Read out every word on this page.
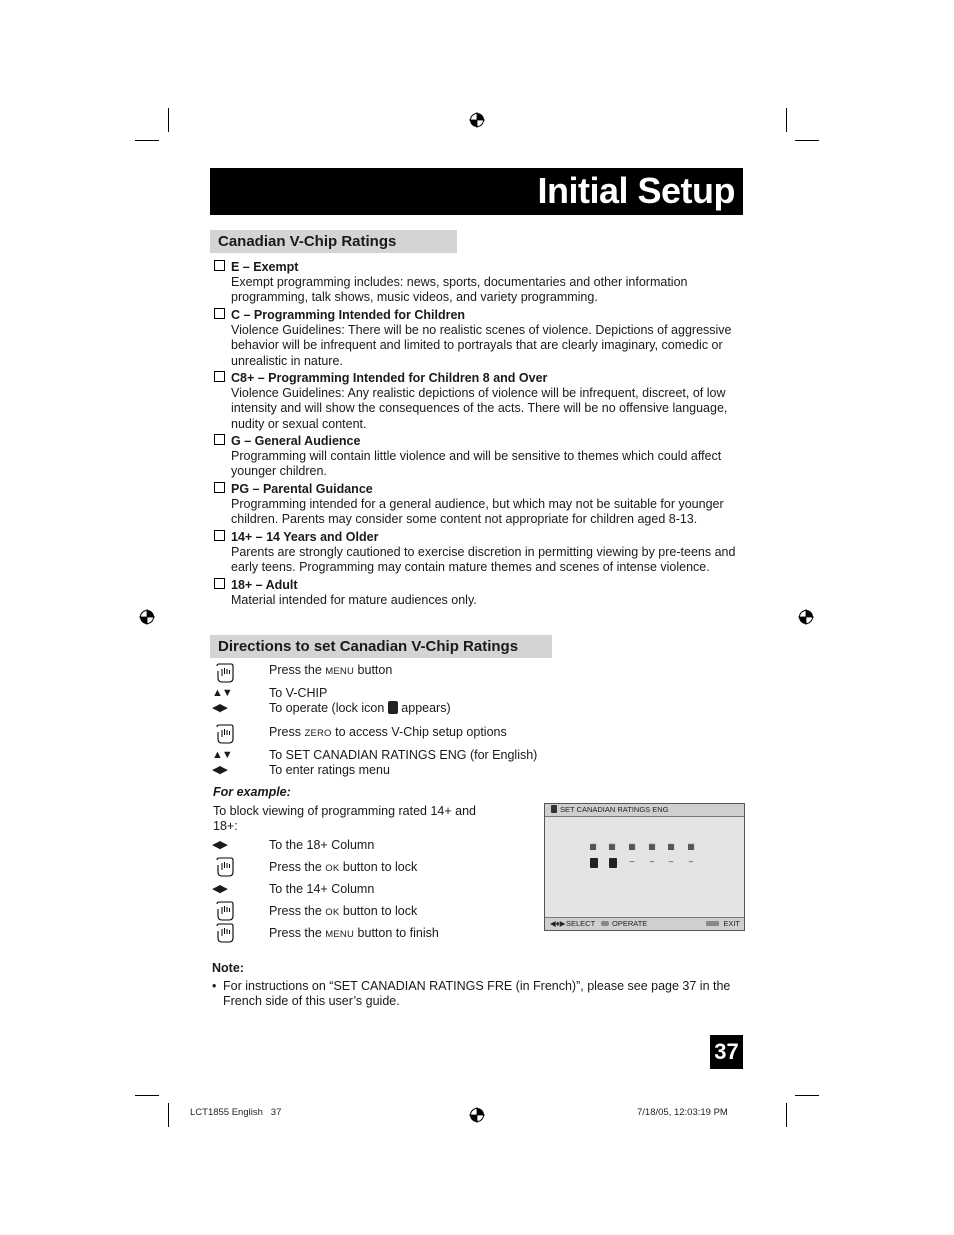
Initial Setup
Canadian V-Chip Ratings
E – Exempt
Exempt programming includes: news, sports, documentaries and other information programming, talk shows, music videos, and variety programming.
C – Programming Intended for Children
Violence Guidelines: There will be no realistic scenes of violence. Depictions of aggressive behavior will be infrequent and limited to portrayals that are clearly imaginary, comedic or unrealistic in nature.
C8+ – Programming Intended for Children 8 and Over
Violence Guidelines: Any realistic depictions of violence will be infrequent, discreet, of low intensity and will show the consequences of the acts. There will be no offensive language, nudity or sexual content.
G – General Audience
Programming will contain little violence and will be sensitive to themes which could affect younger children.
PG – Parental Guidance
Programming intended for a general audience, but which may not be suitable for younger children. Parents may consider some content not appropriate for children aged 8-13.
14+ – 14 Years and Older
Parents are strongly cautioned to exercise discretion in permitting viewing by pre-teens and early teens. Programming may contain mature themes and scenes of intense violence.
18+ – Adult
Material intended for mature audiences only.
Directions to set Canadian V-Chip Ratings
Press the MENU button
▲▼	To V-CHIP
◀▶	To operate (lock icon  appears)
Press ZERO to access V-Chip setup options
▲▼	To SET CANADIAN RATINGS ENG (for English)
◀▶	To enter ratings menu
For example:
To block viewing of programming rated 14+ and 18+:
◀▶	To the 18+ Column
Press the OK button to lock
◀▶	To the 14+ Column
Press the OK button to lock
Press the MENU button to finish
SET CANADIAN RATINGS ENG
▦ ▦ ▦ ▦ ▦ ▦
–	–	–	–
◀♦▶ SELECT OPERATE	EXIT
Note:
• For instructions on “SET CANADIAN RATINGS FRE (in French)”, please see page 37 in the French side of this user’s guide.
37
LCT1855 English   37	7/18/05, 12:03:19 PM
